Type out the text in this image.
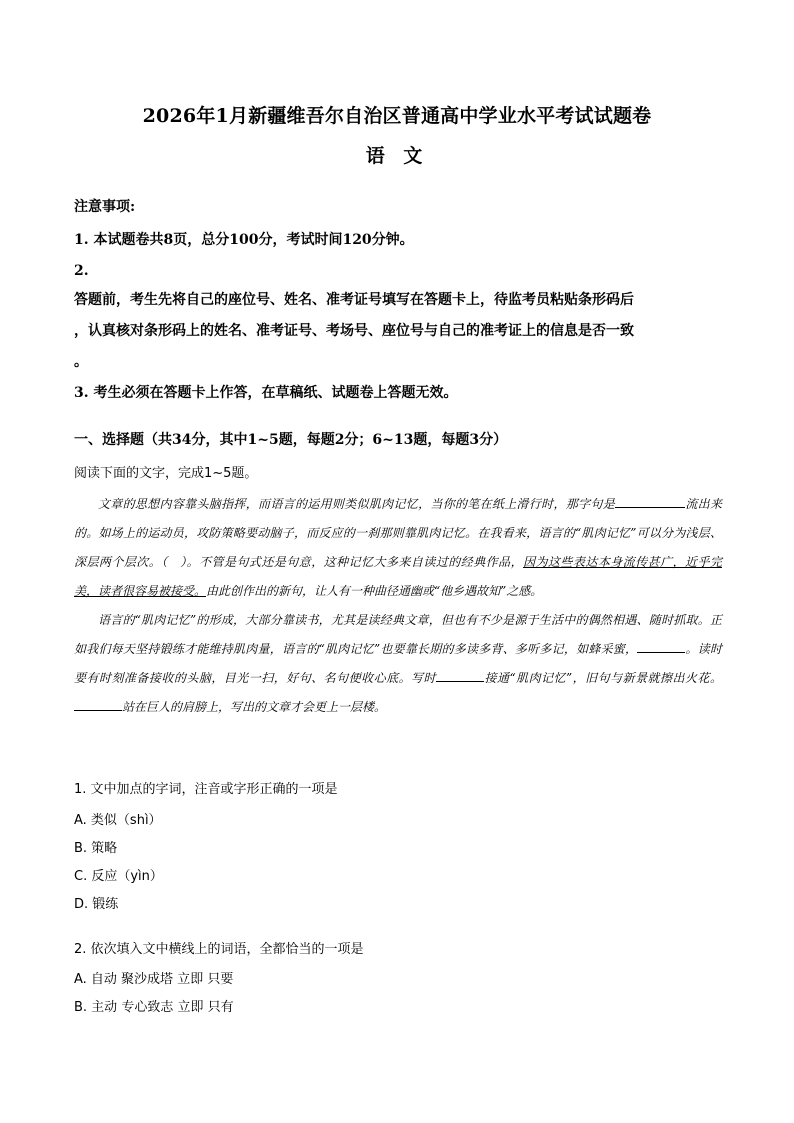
2026年1月新疆维吾尔自治区普通高中学业水平考试试题卷
语 文
注意事项:
1. 本试题卷共8页，总分100分，考试时间120分钟。
2.
答题前，考生先将自己的座位号、姓名、准考证号填写在答题卡上，待监考员粘贴条形码后
，认真核对条形码上的姓名、准考证号、考场号、座位号与自己的准考证上的信息是否一致
。
3. 考生必须在答题卡上作答，在草稿纸、试题卷上答题无效。
一、选择题（共34分，其中1~5题，每题2分；6~13题，每题3分）
阅读下面的文字，完成1~5题。

文章的思想内容靠头脑指挥，而语言的运用则类似肌肉记忆，当你的笔在纸上滑行时，那字句是	流出来的。如场上的运动员，攻防策略要动脑子，而反应的一刹那则靠肌肉记忆。在我看来，语言的“肌肉记忆”可以分为浅层、深层两个层次。（　）。不管是句式还是句意，这种记忆大多来自读过的经典作品，因为这些表达本身流传甚广，近乎完美，读者很容易被接受。由此创作出的新句，让人有一种曲径通幽或“他乡遇故知”之感。

语言的“肌肉记忆”的形成，大部分靠读书，尤其是读经典文章，但也有不少是源于生活中的偶然相遇、随时抓取。正如我们每天坚持锻练才能维持肌肉量，语言的“肌肉记忆”也要靠长期的多读多背、多听多记，如蜂采蜜，	。读时要有时刻准备接收的头脑，目光一扫，好句、名句便收心底。写时	接通“肌肉记忆”，旧句与新景就擦出火花。站在巨人的肩膀上，写出的文章才会更上一层楼。

1. 文中加点的字词，注音或字形正确的一项是
A. 类似（shì）
B. 策略
C. 反应（yìn）
D. 锻练
2. 依次填入文中横线上的词语，全都恰当的一项是
A. 自动 聚沙成塔 立即 只要
B. 主动 专心致志 立即 只有
